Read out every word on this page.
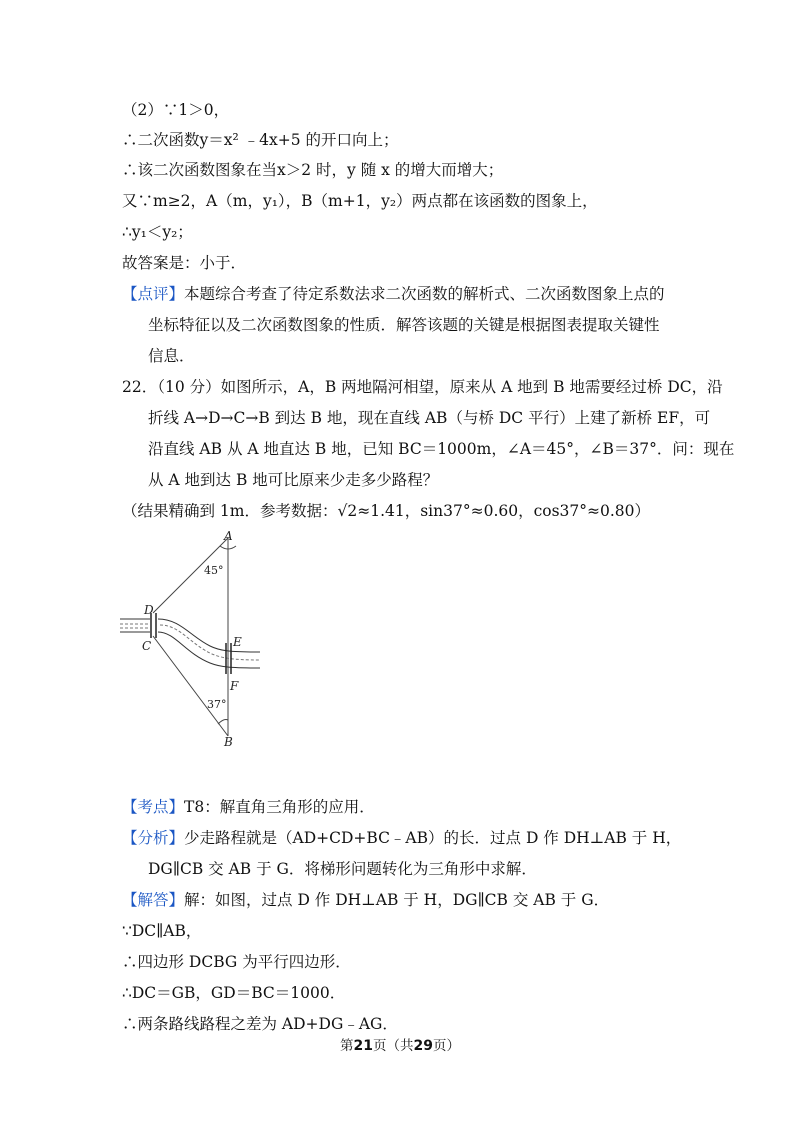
（2）∵1＞0，
∴二次函数y＝x² ﹣4x+5 的开口向上；
∴该二次函数图象在当x＞2 时，y 随 x 的增大而增大；
又∵m≥2，A（m，y₁），B（m+1，y₂）两点都在该函数的图象上，
∴y₁＜y₂；
故答案是：小于．
【点评】本题综合考查了待定系数法求二次函数的解析式、二次函数图象上点的
坐标特征以及二次函数图象的性质．解答该题的关键是根据图表提取关键性
信息．
22．（10 分）如图所示，A，B 两地隔河相望，原来从 A 地到 B 地需要经过桥 DC，沿
折线 A→D→C→B 到达 B 地，现在直线 AB（与桥 DC 平行）上建了新桥 EF，可
沿直线 AB 从 A 地直达 B 地，已知 BC＝1000m，∠A＝45°，∠B＝37°．问：现在
从 A 地到达 B 地可比原来少走多少路程？
（结果精确到 1m．参考数据：√2≈1.41，sin37°≈0.60，cos37°≈0.80）
A
B
C
D
E
F
45°
37°
【考点】T8：解直角三角形的应用．
【分析】少走路程就是（AD+CD+BC﹣AB）的长．过点 D 作 DH⊥AB 于 H，
DG∥CB 交 AB 于 G．将梯形问题转化为三角形中求解．
【解答】解：如图，过点 D 作 DH⊥AB 于 H，DG∥CB 交 AB 于 G．
∵DC∥AB，
∴四边形 DCBG 为平行四边形．
∴DC＝GB，GD＝BC＝1000．
∴两条路线路程之差为 AD+DG﹣AG．
第21页（共29页）
